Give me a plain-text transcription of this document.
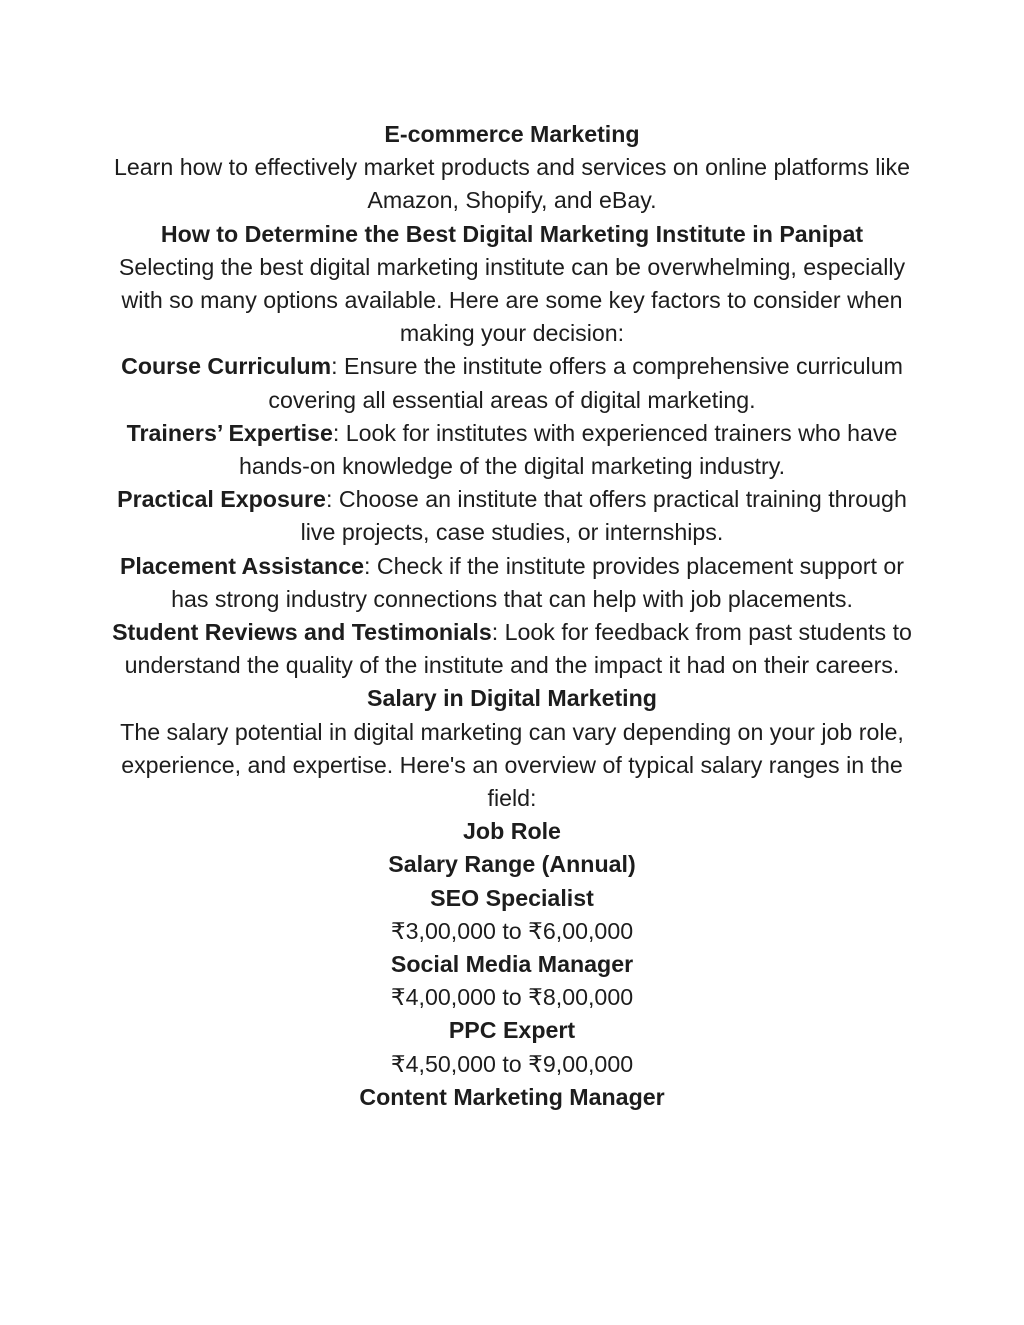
E-commerce Marketing

Learn how to effectively market products and services on online platforms like Amazon, Shopify, and eBay.

How to Determine the Best Digital Marketing Institute in Panipat

Selecting the best digital marketing institute can be overwhelming, especially with so many options available. Here are some key factors to consider when making your decision:

Course Curriculum: Ensure the institute offers a comprehensive curriculum covering all essential areas of digital marketing.

Trainers’ Expertise: Look for institutes with experienced trainers who have hands-on knowledge of the digital marketing industry.

Practical Exposure: Choose an institute that offers practical training through live projects, case studies, or internships.

Placement Assistance: Check if the institute provides placement support or has strong industry connections that can help with job placements.

Student Reviews and Testimonials: Look for feedback from past students to understand the quality of the institute and the impact it had on their careers.

Salary in Digital Marketing

The salary potential in digital marketing can vary depending on your job role, experience, and expertise. Here's an overview of typical salary ranges in the field:

Job Role

Salary Range (Annual)

SEO Specialist

₹3,00,000 to ₹6,00,000

Social Media Manager

₹4,00,000 to ₹8,00,000

PPC Expert

₹4,50,000 to ₹9,00,000

Content Marketing Manager
